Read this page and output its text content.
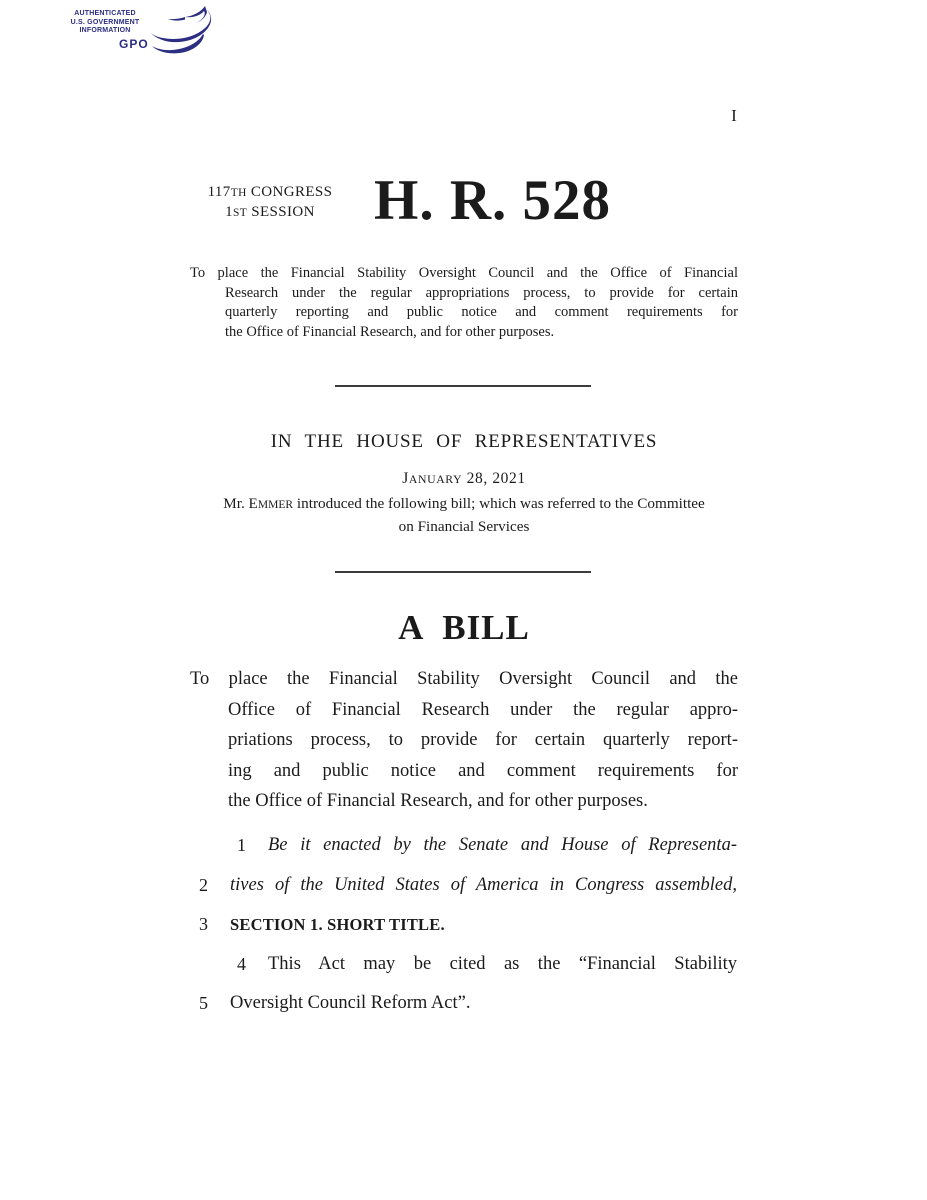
AUTHENTICATED
U.S. GOVERNMENT
INFORMATION
GPO
I
117TH CONGRESS
1ST SESSION	H. R. 528
To place the Financial Stability Oversight Council and the Office of Financial
Research under the regular appropriations process, to provide for certain
quarterly reporting and public notice and comment requirements for
the Office of Financial Research, and for other purposes.
IN THE HOUSE OF REPRESENTATIVES
JANUARY 28, 2021
Mr. EMMER introduced the following bill; which was referred to the Committee
on Financial Services
A BILL
To place the Financial Stability Oversight Council and the
Office of Financial Research under the regular appro-
priations process, to provide for certain quarterly report-
ing and public notice and comment requirements for
the Office of Financial Research, and for other purposes.
1 Be it enacted by the Senate and House of Representa-
2 tives of the United States of America in Congress assembled,
3 SECTION 1. SHORT TITLE.
4 This Act may be cited as the “Financial Stability
5 Oversight Council Reform Act”.
